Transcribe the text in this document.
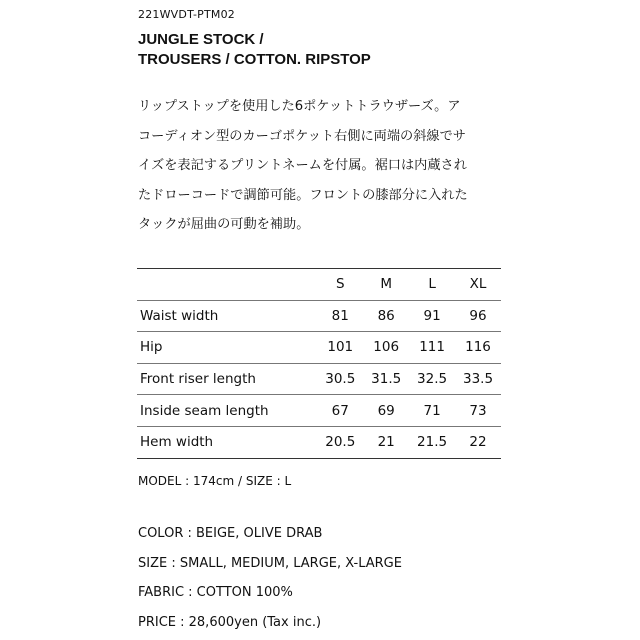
221WVDT-PTM02
JUNGLE STOCK /
TROUSERS / COTTON. RIPSTOP
リップストップを使用した6ポケットトラウザーズ。ア
コーディオン型のカーゴポケット右側に両端の斜線でサ
イズを表記するプリントネームを付属。裾口は内蔵され
たドローコードで調節可能。フロントの膝部分に入れた
タックが屈曲の可動を補助。
	S	M	L	XL
Waist width	81	86	91	96
Hip	101	106	111	116
Front riser length	30.5	31.5	32.5	33.5
Inside seam length	67	69	71	73
Hem width	20.5	21	21.5	22
MODEL : 174cm / SIZE : L
COLOR : BEIGE, OLIVE DRAB
SIZE : SMALL, MEDIUM, LARGE, X-LARGE
FABRIC : COTTON 100%
PRICE : 28,600yen (Tax inc.)
